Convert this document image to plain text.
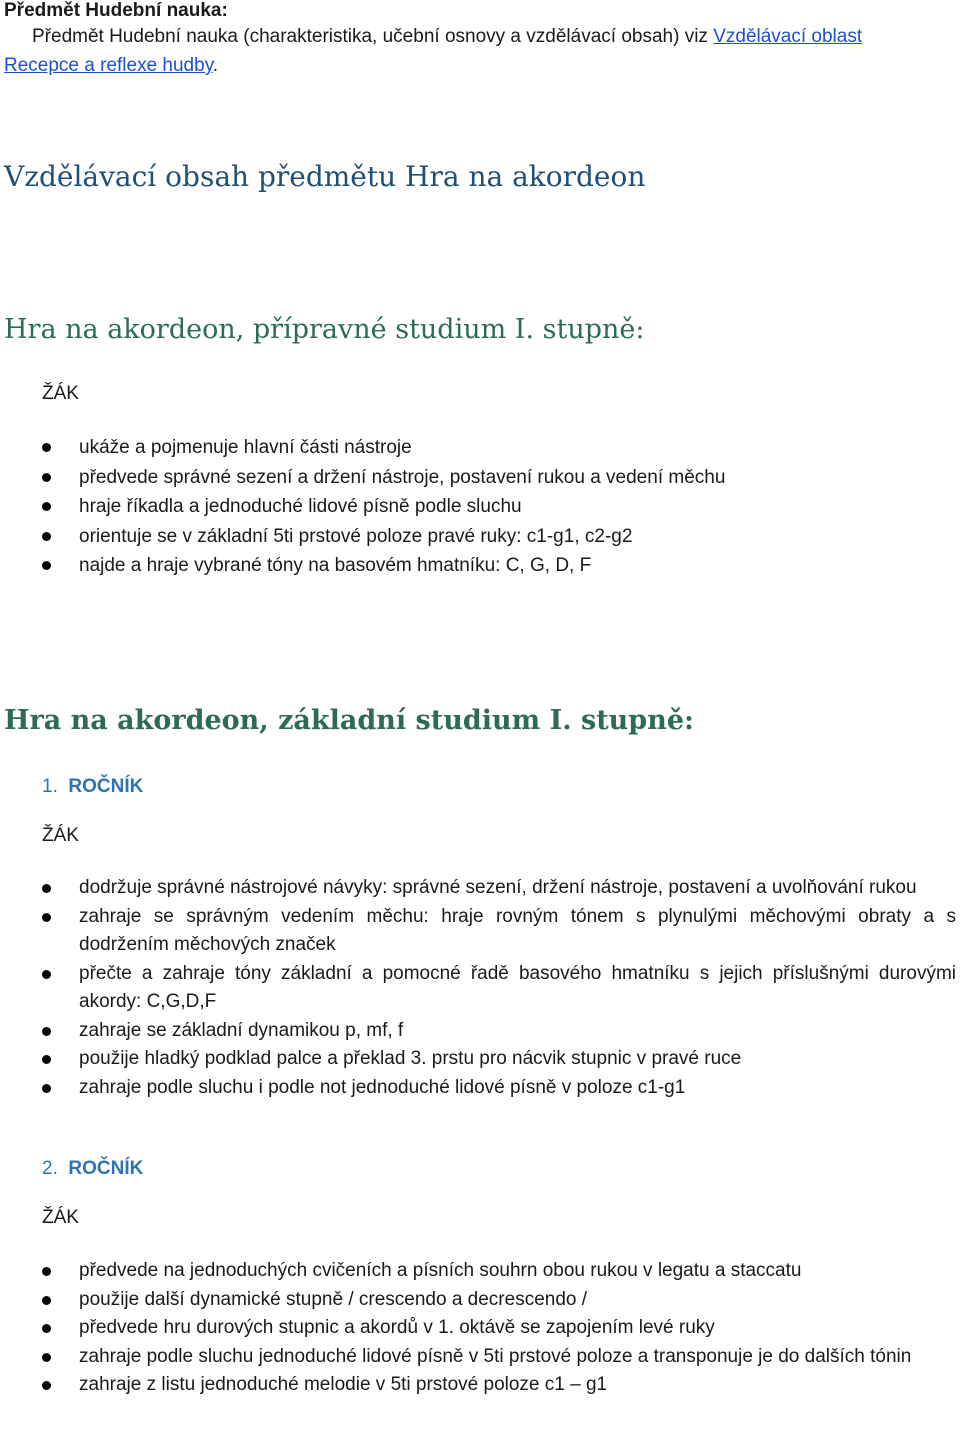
Předmět Hudební nauka:
Předmět Hudební nauka (charakteristika, učební osnovy a vzdělávací obsah) viz Vzdělávací oblast
Recepce a reflexe hudby.
Vzdělávací obsah předmětu Hra na akordeon
Hra na akordeon, přípravné studium I. stupně:
ŽÁK
ukáže a pojmenuje hlavní části nástroje
předvede správné sezení a držení nástroje, postavení rukou a vedení měchu
hraje říkadla a jednoduché lidové písně podle sluchu
orientuje se v základní 5ti prstové poloze pravé ruky: c1-g1, c2-g2
najde a hraje vybrané tóny na basovém hmatníku: C, G, D, F
Hra na akordeon, základní studium I. stupně:
1. ROČNÍK
ŽÁK
dodržuje správné nástrojové návyky: správné sezení, držení nástroje, postavení a uvolňování rukou
zahraje se správným vedením měchu: hraje rovným tónem s plynulými měchovými obraty a s dodržením měchových značek
přečte a zahraje tóny základní a pomocné řadě basového hmatníku s jejich příslušnými durovými akordy: C,G,D,F
zahraje se základní dynamikou p, mf, f
použije hladký podklad palce a překlad 3. prstu pro nácvik stupnic v pravé ruce
zahraje podle sluchu i podle not jednoduché lidové písně v poloze c1-g1
2. ROČNÍK
ŽÁK
předvede na jednoduchých cvičeních a písních souhrn obou rukou v legatu a staccatu
použije další dynamické stupně / crescendo a decrescendo /
předvede hru durových stupnic a akordů v 1. oktávě se zapojením levé ruky
zahraje podle sluchu jednoduché lidové písně v 5ti prstové poloze a transponuje je do dalších tónin
zahraje z listu jednoduché melodie v 5ti prstové poloze c1 – g1
